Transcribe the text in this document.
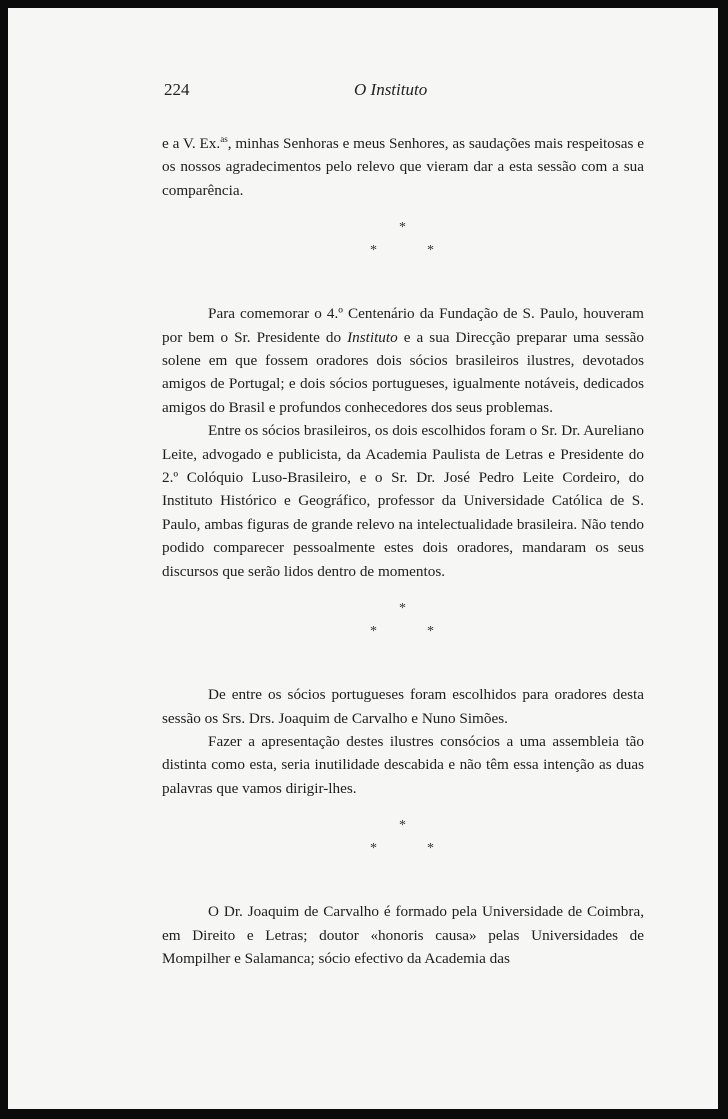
224	O Instituto

e a V. Ex.$^{as}$, minhas Senhoras e meus Senhores, as saudações mais respeitosas e os nossos agradecimentos pelo relevo que vieram dar a esta sessão com a sua comparência.

*
*	*

Para comemorar o 4.º Centenário da Fundação de S. Paulo, houveram por bem o Sr. Presidente do Instituto e a sua Direcção preparar uma sessão solene em que fossem oradores dois sócios brasileiros ilustres, devotados amigos de Portugal; e dois sócios portugueses, igualmente notáveis, dedicados amigos do Brasil e profundos conhecedores dos seus problemas.

Entre os sócios brasileiros, os dois escolhidos foram o Sr. Dr. Aureliano Leite, advogado e publicista, da Academia Paulista de Letras e Presidente do 2.º Colóquio Luso-Brasileiro, e o Sr. Dr. José Pedro Leite Cordeiro, do Instituto Histórico e Geográfico, professor da Universidade Católica de S. Paulo, ambas figuras de grande relevo na intelectualidade brasileira. Não tendo podido comparecer pessoalmente estes dois oradores, mandaram os seus discursos que serão lidos dentro de momentos.

*
*	*

De entre os sócios portugueses foram escolhidos para oradores desta sessão os Srs. Drs. Joaquim de Carvalho e Nuno Simões.

Fazer a apresentação destes ilustres consócios a uma assembleia tão distinta como esta, seria inutilidade descabida e não têm essa intenção as duas palavras que vamos dirigir-lhes.

*
*	*

O Dr. Joaquim de Carvalho é formado pela Universidade de Coimbra, em Direito e Letras; doutor «honoris causa» pelas Universidades de Mompilher e Salamanca; sócio efectivo da Academia das
